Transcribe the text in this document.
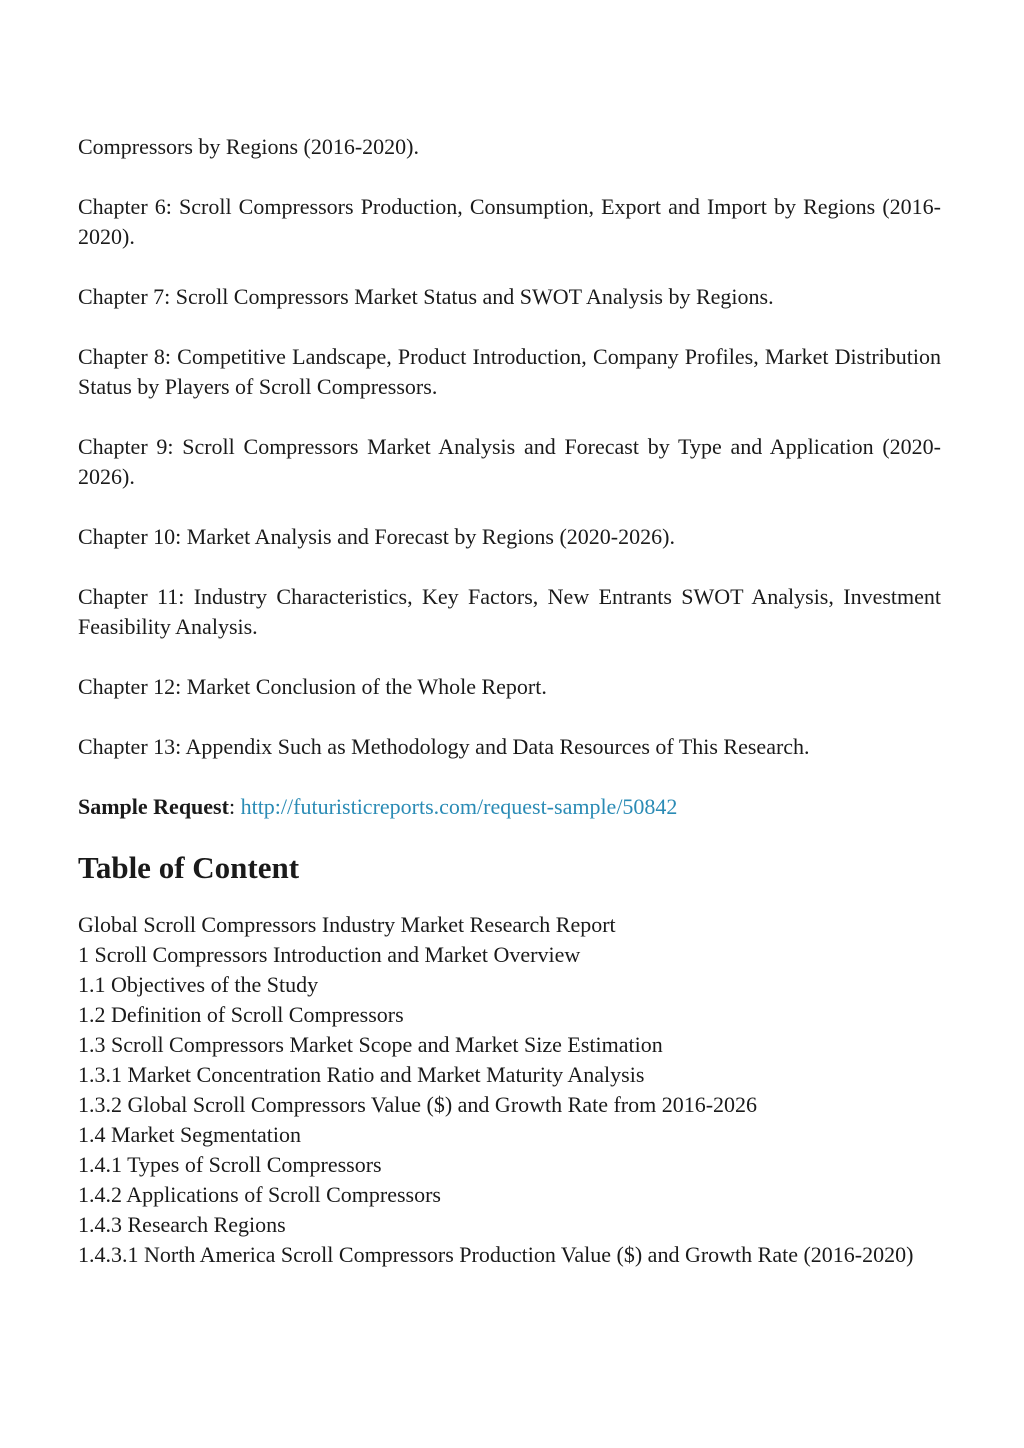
Compressors by Regions (2016-2020).

Chapter 6: Scroll Compressors Production, Consumption, Export and Import by Regions (2016-2020).

Chapter 7: Scroll Compressors Market Status and SWOT Analysis by Regions.

Chapter 8: Competitive Landscape, Product Introduction, Company Profiles, Market Distribution Status by Players of Scroll Compressors.

Chapter 9: Scroll Compressors Market Analysis and Forecast by Type and Application (2020-2026).

Chapter 10: Market Analysis and Forecast by Regions (2020-2026).

Chapter 11: Industry Characteristics, Key Factors, New Entrants SWOT Analysis, Investment Feasibility Analysis.

Chapter 12: Market Conclusion of the Whole Report.

Chapter 13: Appendix Such as Methodology and Data Resources of This Research.

Sample Request: http://futuristicreports.com/request-sample/50842

Table of Content
Global Scroll Compressors Industry Market Research Report
1 Scroll Compressors Introduction and Market Overview
1.1 Objectives of the Study
1.2 Definition of Scroll Compressors
1.3 Scroll Compressors Market Scope and Market Size Estimation
1.3.1 Market Concentration Ratio and Market Maturity Analysis
1.3.2 Global Scroll Compressors Value ($) and Growth Rate from 2016-2026
1.4 Market Segmentation
1.4.1 Types of Scroll Compressors
1.4.2 Applications of Scroll Compressors
1.4.3 Research Regions
1.4.3.1 North America Scroll Compressors Production Value ($) and Growth Rate (2016-2020)
